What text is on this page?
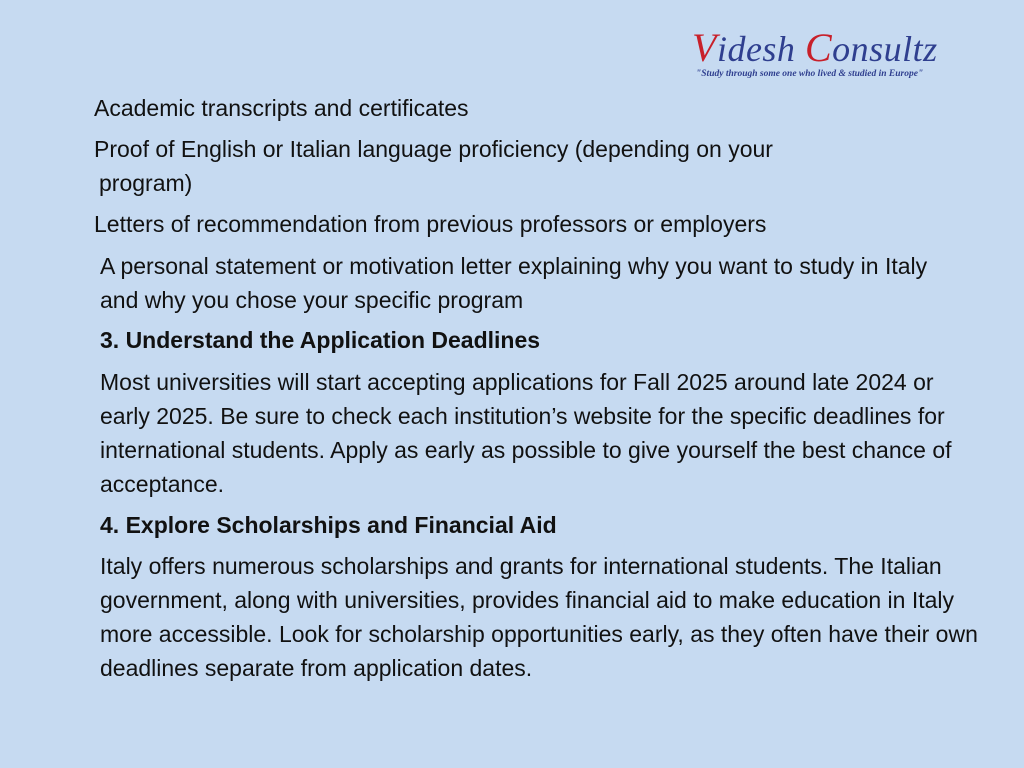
Videsh Consultz
"Study through some one who lived & studied in Europe"

Academic transcripts and certificates

Proof of English or Italian language proficiency (depending on your
program)

Letters of recommendation from previous professors or employers

A personal statement or motivation letter explaining why you want to study in Italy and why you chose your specific program

3. Understand the Application Deadlines

Most universities will start accepting applications for Fall 2025 around late 2024 or early 2025. Be sure to check each institution’s website for the specific deadlines for international students. Apply as early as possible to give yourself the best chance of acceptance.

4. Explore Scholarships and Financial Aid

Italy offers numerous scholarships and grants for international students. The Italian government, along with universities, provides financial aid to make education in Italy more accessible. Look for scholarship opportunities early, as they often have their own deadlines separate from application dates.
